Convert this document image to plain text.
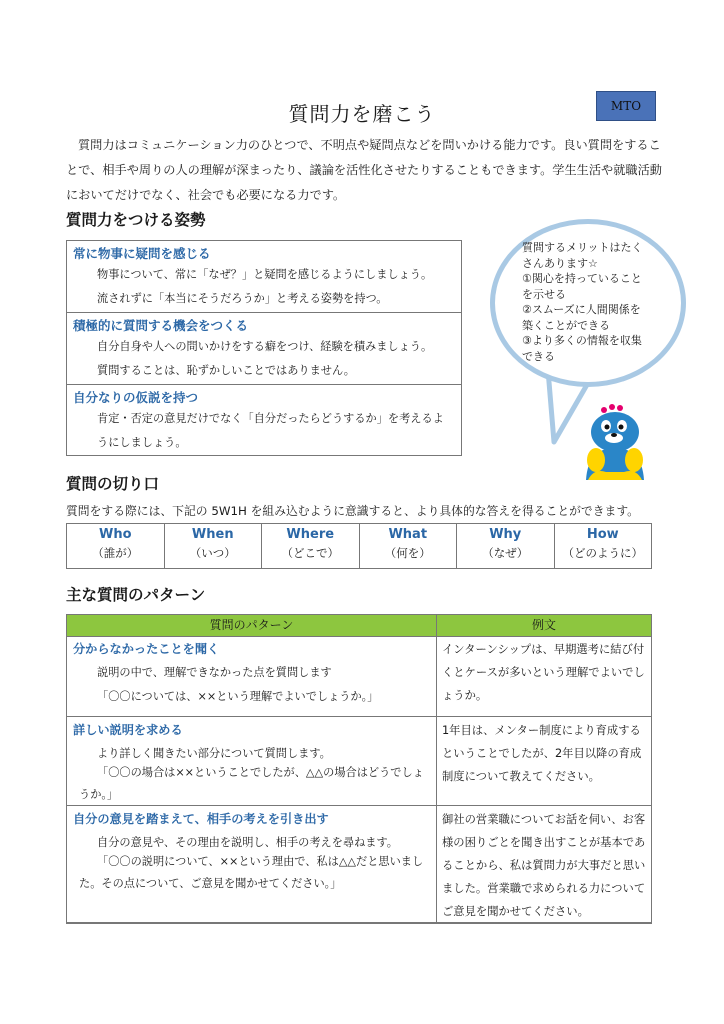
質問力を磨こう	MTO
質問力はコミュニケーション力のひとつで、不明点や疑問点などを問いかける能力です。良い質問をすることで、相手や周りの人の理解が深まったり、議論を活性化させたりすることもできます。学生生活や就職活動においてだけでなく、社会でも必要になる力です。
質問力をつける姿勢
常に物事に疑問を感じる
物事について、常に「なぜ？」と疑問を感じるようにしましょう。
流されずに「本当にそうだろうか」と考える姿勢を持つ。
積極的に質問する機会をつくる
自分自身や人への問いかけをする癖をつけ、経験を積みましょう。
質問することは、恥ずかしいことではありません。
自分なりの仮説を持つ
肯定・否定の意見だけでなく「自分だったらどうするか」を考えるよ
うにしましょう。
質問するメリットはたく
さんあります☆
①関心を持っていること
を示せる
②スムーズに人間関係を
築くことができる
③より多くの情報を収集
できる
質問の切り口
質問をする際には、下記の 5W1H を組み込むように意識すると、より具体的な答えを得ることができます。
Who
（誰が）
When
（いつ）
Where
（どこで）
What
（何を）
Why
（なぜ）
How
（どのように）
主な質問のパターン
質問のパターン	例文
分からなかったことを聞く
説明の中で、理解できなかった点を質問します
「〇〇については、××という理解でよいでしょうか。」
インターンシップは、早期選考に結び付くとケースが多いという理解でよいでしょうか。
詳しい説明を求める
より詳しく聞きたい部分について質問します。
「〇〇の場合は××ということでしたが、△△の場合はどうでしょうか。」
1年目は、メンター制度により育成するということでしたが、2年目以降の育成制度について教えてください。
自分の意見を踏まえて、相手の考えを引き出す
自分の意見や、その理由を説明し、相手の考えを尋ねます。
「〇〇の説明について、××という理由で、私は△△だと思いました。その点について、ご意見を聞かせてください。」
御社の営業職についてお話を伺い、お客様の困りごとを聞き出すことが基本であることから、私は質問力が大事だと思いました。営業職で求められる力についてご意見を聞かせてください。
